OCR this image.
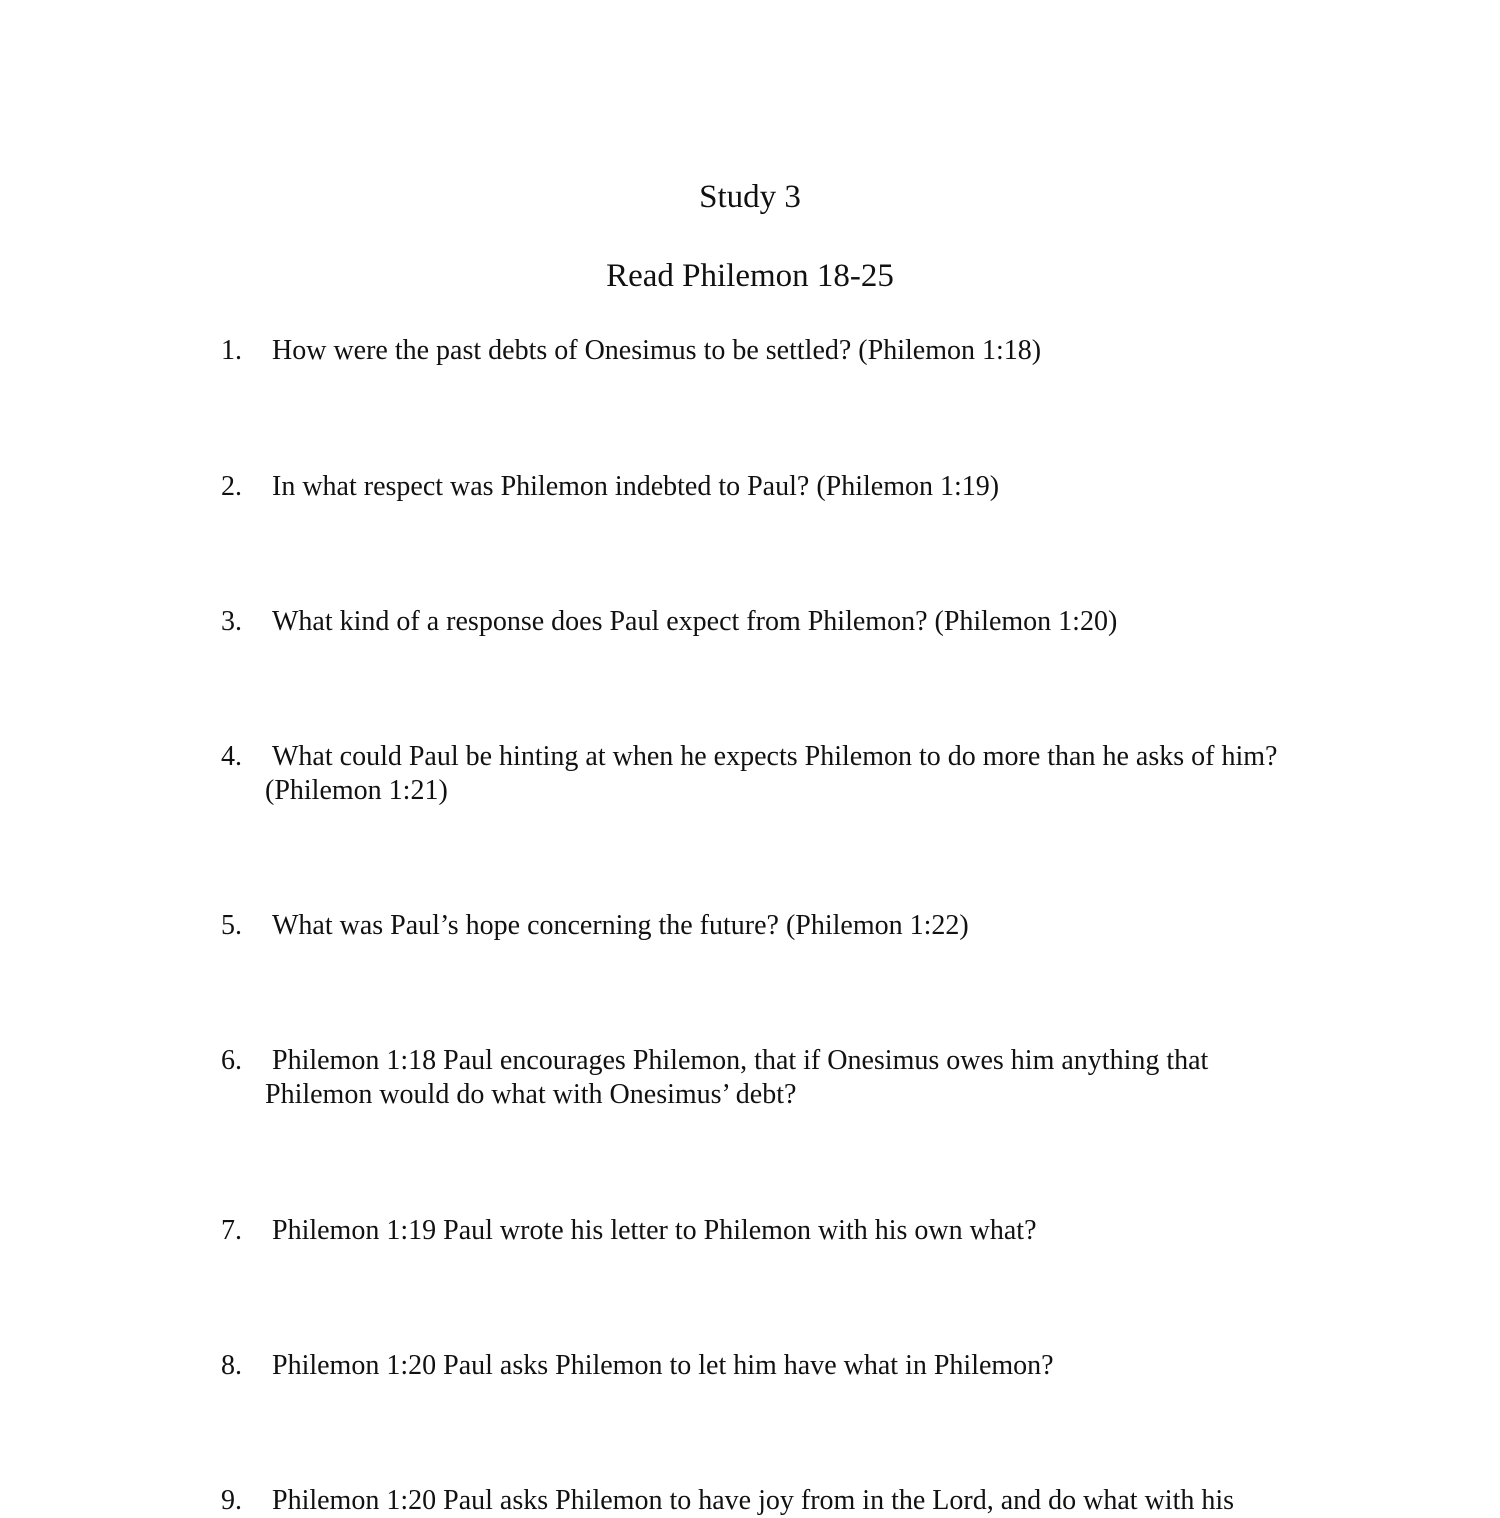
Study 3
Read Philemon 18-25
1.	How were the past debts of Onesimus to be settled? (Philemon 1:18)
2.	In what respect was Philemon indebted to Paul? (Philemon 1:19)
3.	What kind of a response does Paul expect from Philemon? (Philemon 1:20)
4.	What could Paul be hinting at when he expects Philemon to do more than he asks of him? (Philemon 1:21)
5.	What was Paul’s hope concerning the future? (Philemon 1:22)
6.	Philemon 1:18 Paul encourages Philemon, that if Onesimus owes him anything that Philemon would do what with Onesimus’ debt?
7.	Philemon 1:19 Paul wrote his letter to Philemon with his own what?
8.	Philemon 1:20 Paul asks Philemon to let him have what in Philemon?
9.	Philemon 1:20 Paul asks Philemon to have joy from in the Lord, and do what with his
